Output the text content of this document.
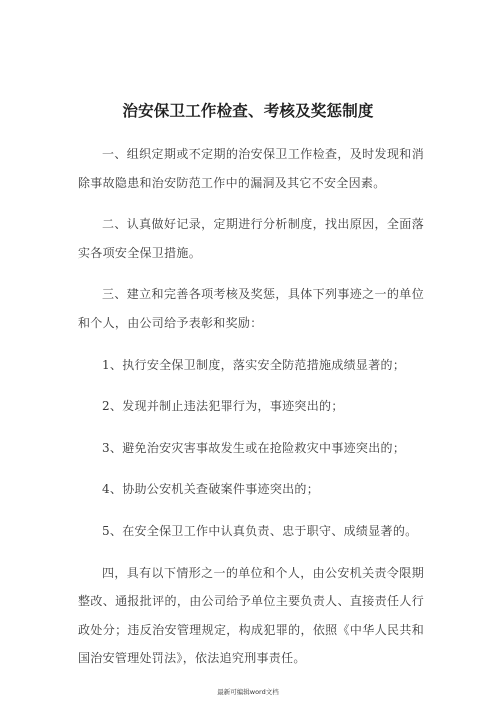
治安保卫工作检查、考核及奖惩制度

一、组织定期或不定期的治安保卫工作检查，及时发现和消除事故隐患和治安防范工作中的漏洞及其它不安全因素。

二、认真做好记录，定期进行分析制度，找出原因，全面落实各项安全保卫措施。

三、建立和完善各项考核及奖惩，具体下列事迹之一的单位和个人，由公司给予表彰和奖励：

1、执行安全保卫制度，落实安全防范措施成绩显著的；

2、发现并制止违法犯罪行为，事迹突出的；

3、避免治安灾害事故发生或在抢险救灾中事迹突出的；

4、协助公安机关查破案件事迹突出的；

5、在安全保卫工作中认真负责、忠于职守、成绩显著的。

四，具有以下情形之一的单位和个人，由公安机关责令限期整改、通报批评的，由公司给予单位主要负责人、直接责任人行政处分；违反治安管理规定，构成犯罪的，依照《中华人民共和国治安管理处罚法》，依法追究刑事责任。

最新可编辑word文档
